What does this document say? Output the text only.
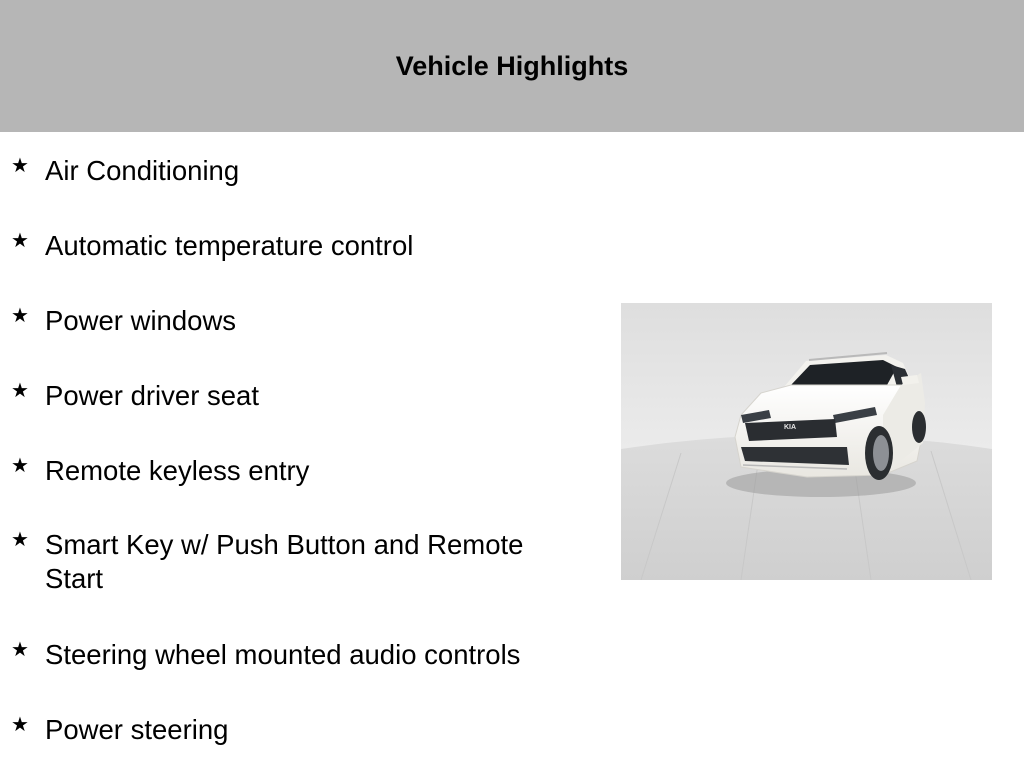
Vehicle Highlights
★ Air Conditioning
★ Automatic temperature control
★ Power windows
★ Power driver seat
★ Remote keyless entry
★ Smart Key w/ Push Button and Remote Start
★ Steering wheel mounted audio controls
★ Power steering
KIA
